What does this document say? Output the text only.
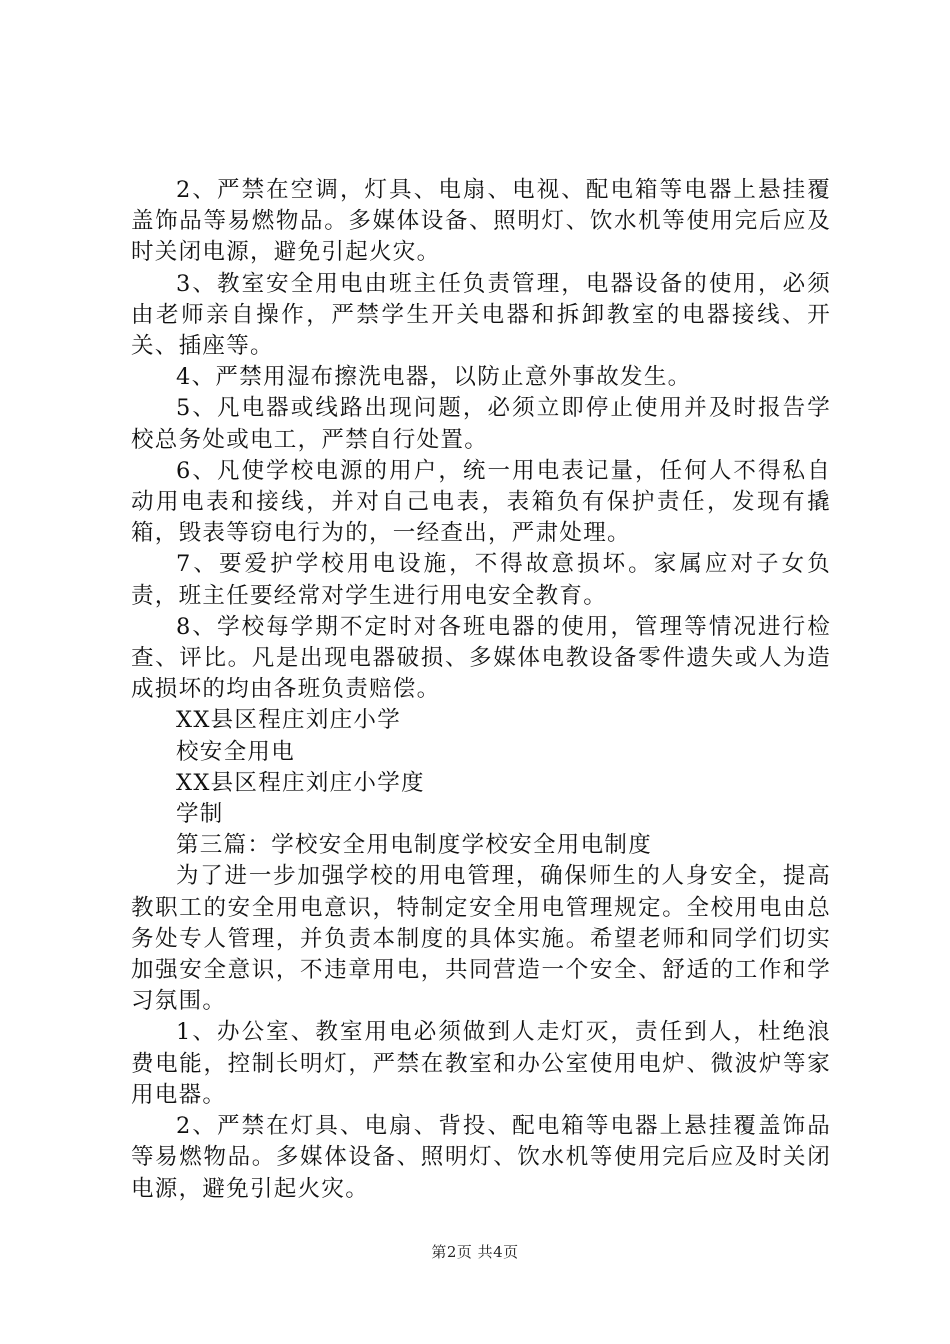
2、严禁在空调，灯具、电扇、电视、配电箱等电器上悬挂覆盖饰品等易燃物品。多媒体设备、照明灯、饮水机等使用完后应及时关闭电源，避免引起火灾。

3、教室安全用电由班主任负责管理，电器设备的使用，必须由老师亲自操作，严禁学生开关电器和拆卸教室的电器接线、开关、插座等。

4、严禁用湿布擦洗电器，以防止意外事故发生。

5、凡电器或线路出现问题，必须立即停止使用并及时报告学校总务处或电工，严禁自行处置。

6、凡使学校电源的用户，统一用电表记量，任何人不得私自动用电表和接线，并对自己电表，表箱负有保护责任，发现有撬箱，毁表等窃电行为的，一经查出，严肃处理。

7、要爱护学校用电设施，不得故意损坏。家属应对子女负责，班主任要经常对学生进行用电安全教育。

8、学校每学期不定时对各班电器的使用，管理等情况进行检查、评比。凡是出现电器破损、多媒体电教设备零件遗失或人为造成损坏的均由各班负责赔偿。

XX县区程庄刘庄小学

校安全用电

XX县区程庄刘庄小学度

学制

第三篇：学校安全用电制度学校安全用电制度

为了进一步加强学校的用电管理，确保师生的人身安全，提高教职工的安全用电意识，特制定安全用电管理规定。全校用电由总务处专人管理，并负责本制度的具体实施。希望老师和同学们切实加强安全意识，不违章用电，共同营造一个安全、舒适的工作和学习氛围。

1、办公室、教室用电必须做到人走灯灭，责任到人，杜绝浪费电能，控制长明灯，严禁在教室和办公室使用电炉、微波炉等家用电器。

2、严禁在灯具、电扇、背投、配电箱等电器上悬挂覆盖饰品等易燃物品。多媒体设备、照明灯、饮水机等使用完后应及时关闭电源，避免引起火灾。

第2页 共4页
